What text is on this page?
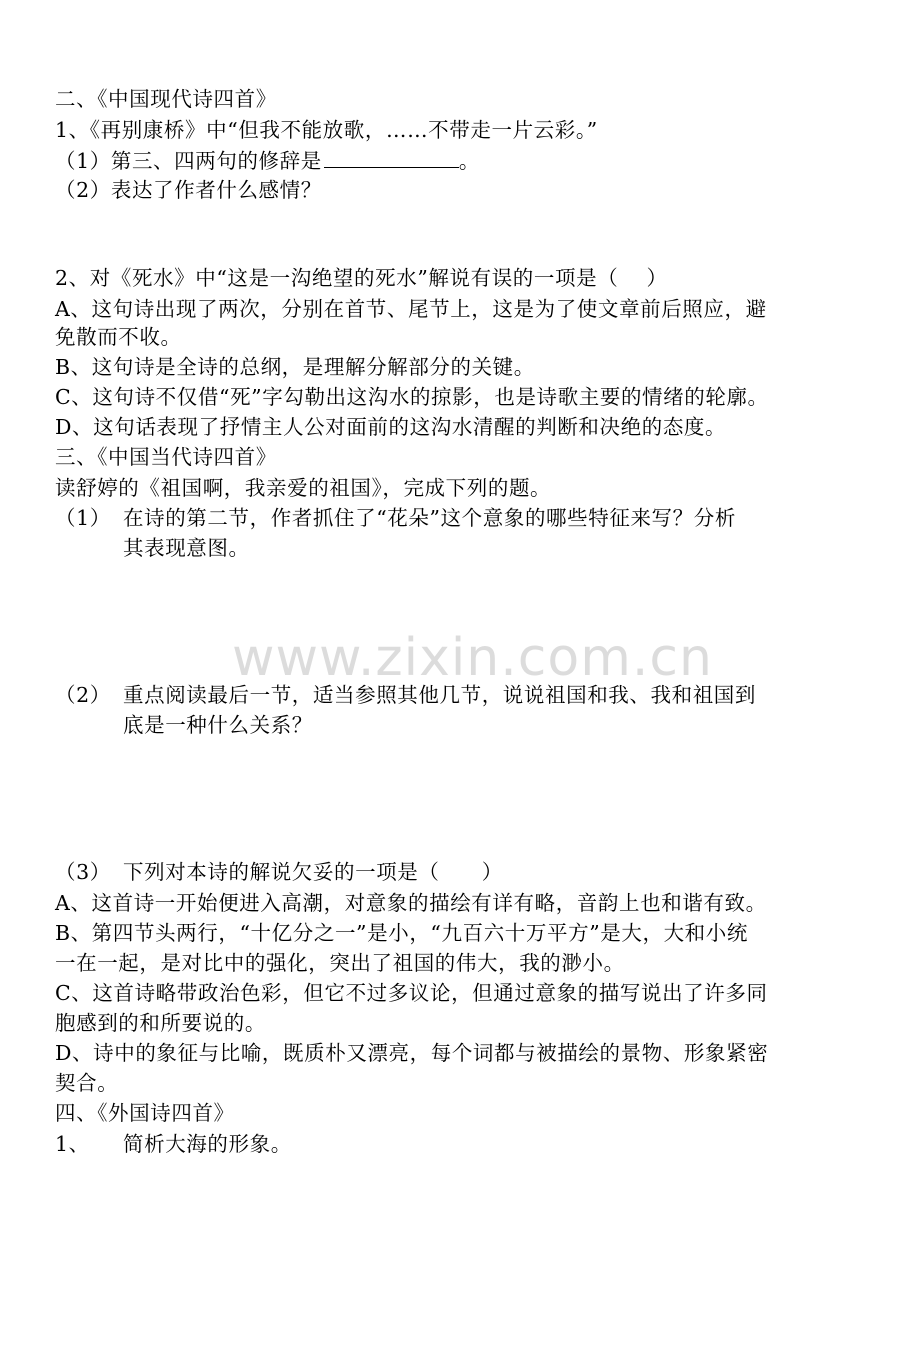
www.zixin.com.cn
二、《中国现代诗四首》
1、《再别康桥》中“但我不能放歌，……不带走一片云彩。”
（1）第三、四两句的修辞是	。
（2）表达了作者什么感情？
2、对《死水》中“这是一沟绝望的死水”解说有误的一项是（　 ）
A、这句诗出现了两次，分别在首节、尾节上，这是为了使文章前后照应，避
免散而不收。
B、这句诗是全诗的总纲，是理解分解部分的关键。
C、这句诗不仅借“死”字勾勒出这沟水的掠影，也是诗歌主要的情绪的轮廓。
D、这句话表现了抒情主人公对面前的这沟水清醒的判断和决绝的态度。
三、《中国当代诗四首》
读舒婷的《祖国啊，我亲爱的祖国》，完成下列的题。
（1） 在诗的第二节，作者抓住了“花朵”这个意象的哪些特征来写？分析
其表现意图。
（2） 重点阅读最后一节，适当参照其他几节，说说祖国和我、我和祖国到
底是一种什么关系？
（3） 下列对本诗的解说欠妥的一项是（　　）
A、这首诗一开始便进入高潮，对意象的描绘有详有略，音韵上也和谐有致。
B、第四节头两行，“十亿分之一”是小，“九百六十万平方”是大，大和小统
一在一起，是对比中的强化，突出了祖国的伟大，我的渺小。
C、这首诗略带政治色彩，但它不过多议论，但通过意象的描写说出了许多同
胞感到的和所要说的。
D、诗中的象征与比喻，既质朴又漂亮，每个词都与被描绘的景物、形象紧密
契合。
四、《外国诗四首》
1、 简析大海的形象。
